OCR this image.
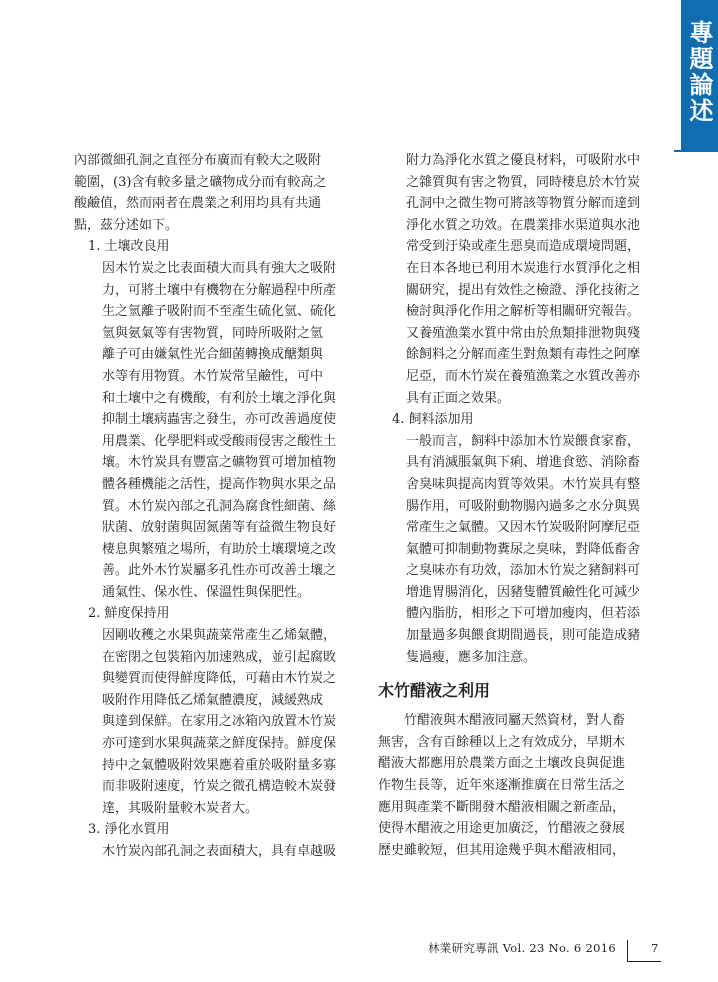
專題論述

內部微細孔洞之直徑分布廣而有較大之吸附

範圍，(3)含有較多量之礦物成分而有較高之

酸鹼值，然而兩者在農業之利用均具有共通

點，茲分述如下。

1. 土壤改良用

因木竹炭之比表面積大而具有強大之吸附

力，可將土壤中有機物在分解過程中所產

生之氫離子吸附而不至產生硫化氫、硫化

氫與氨氣等有害物質，同時所吸附之氫

離子可由嫌氣性光合細菌轉換成醣類與

水等有用物質。木竹炭常呈鹼性，可中

和土壤中之有機酸，有利於土壤之淨化與

抑制土壤病蟲害之發生，亦可改善過度使

用農業、化學肥料或受酸雨侵害之酸性土

壤。木竹炭具有豐富之礦物質可增加植物

體各種機能之活性，提高作物與水果之品

質。木竹炭內部之孔洞為腐食性細菌、絲

狀菌、放射菌與固氮菌等有益微生物良好

棲息與繁殖之場所，有助於土壤環境之改

善。此外木竹炭屬多孔性亦可改善土壤之

通氣性、保水性、保溫性與保肥性。

2. 鮮度保持用

因剛收穫之水果與蔬菜常產生乙烯氣體，

在密閉之包裝箱內加速熟成，並引起腐敗

與變質而使得鮮度降低，可藉由木竹炭之

吸附作用降低乙烯氣體濃度，減緩熟成

與達到保鮮。在家用之冰箱內放置木竹炭

亦可達到水果與蔬菜之鮮度保持。鮮度保

持中之氣體吸附效果應着重於吸附量多寡

而非吸附速度，竹炭之微孔構造較木炭發

達，其吸附量較木炭者大。

3. 淨化水質用

木竹炭內部孔洞之表面積大，具有卓越吸

附力為淨化水質之優良材料，可吸附水中

之雜質與有害之物質，同時棲息於木竹炭

孔洞中之微生物可將該等物質分解而達到

淨化水質之功效。在農業排水渠道與水池

常受到汙染或產生惡臭而造成環境問題，

在日本各地已利用木炭進行水質淨化之相

關研究，提出有效性之檢證、淨化技術之

檢討與淨化作用之解析等相關研究報告。

又養殖漁業水質中常由於魚類排泄物與殘

餘飼料之分解而產生對魚類有毒性之阿摩

尼亞，而木竹炭在養殖漁業之水質改善亦

具有正面之效果。

4. 飼料添加用

一般而言，飼料中添加木竹炭餵食家畜，

具有消滅脹氣與下痢、增進食慾、消除畜

舍臭味與提高肉質等效果。木竹炭具有整

腸作用，可吸附動物腸內過多之水分與異

常產生之氣體。又因木竹炭吸附阿摩尼亞

氣體可抑制動物糞尿之臭味，對降低畜舍

之臭味亦有功效，添加木竹炭之豬飼料可

增進胃腸消化，因豬隻體質鹼性化可減少

體內脂肪，相形之下可增加瘦肉，但若添

加量過多與餵食期間過長，則可能造成豬

隻過瘦，應多加注意。

木竹醋液之利用

竹醋液與木醋液同屬天然資材，對人畜

無害，含有百餘種以上之有效成分，早期木

醋液大都應用於農業方面之土壤改良與促進

作物生長等，近年來逐漸推廣在日常生活之

應用與產業不斷開發木醋液相關之新產品，

使得木醋液之用途更加廣泛，竹醋液之發展

歷史雖較短，但其用途幾乎與木醋液相同，

林業研究專訊 Vol. 23 No. 6 2016	7
